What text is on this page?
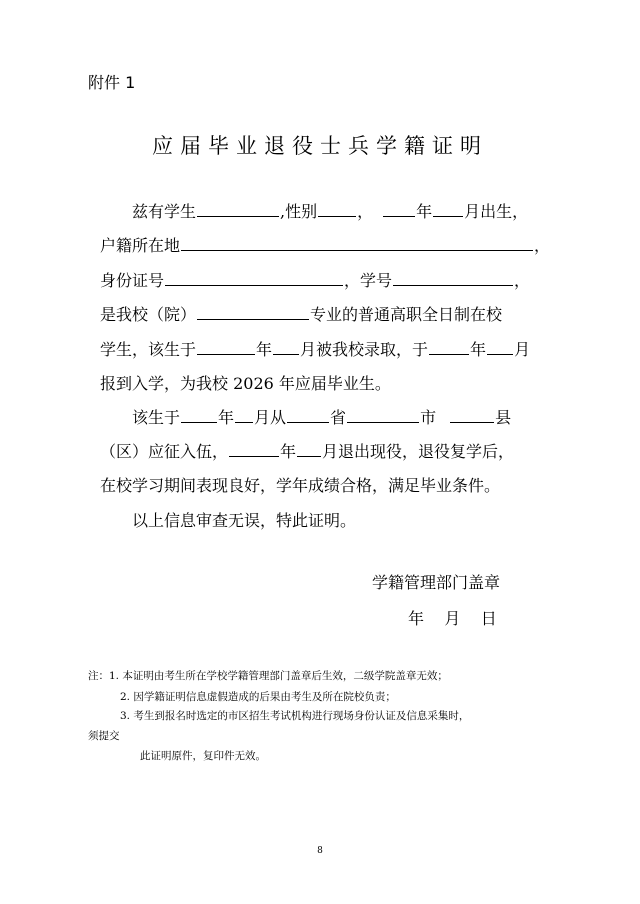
附件 1
应届毕业退役士兵学籍证明
兹有学生	,性别	，	年 月出生，
户籍所在地	，
身份证号	，学号	，
是我校（院）	专业的普通高职全日制在校
学生，该生于	年 月被我校录取，于	年 月
报到入学，为我校 2026 年应届毕业生。
该生于 年 月从	省	市	县
（区）应征入伍，	年 月退出现役，退役复学后，
在校学习期间表现良好，学年成绩合格，满足毕业条件。
以上信息审查无误，特此证明。
学籍管理部门盖章
年    月    日
注：1. 本证明由考生所在学校学籍管理部门盖章后生效，二级学院盖章无效；
2. 因学籍证明信息虚假造成的后果由考生及所在院校负责；
3. 考生到报名时选定的市区招生考试机构进行现场身份认证及信息采集时，
须提交
此证明原件，复印件无效。
8
